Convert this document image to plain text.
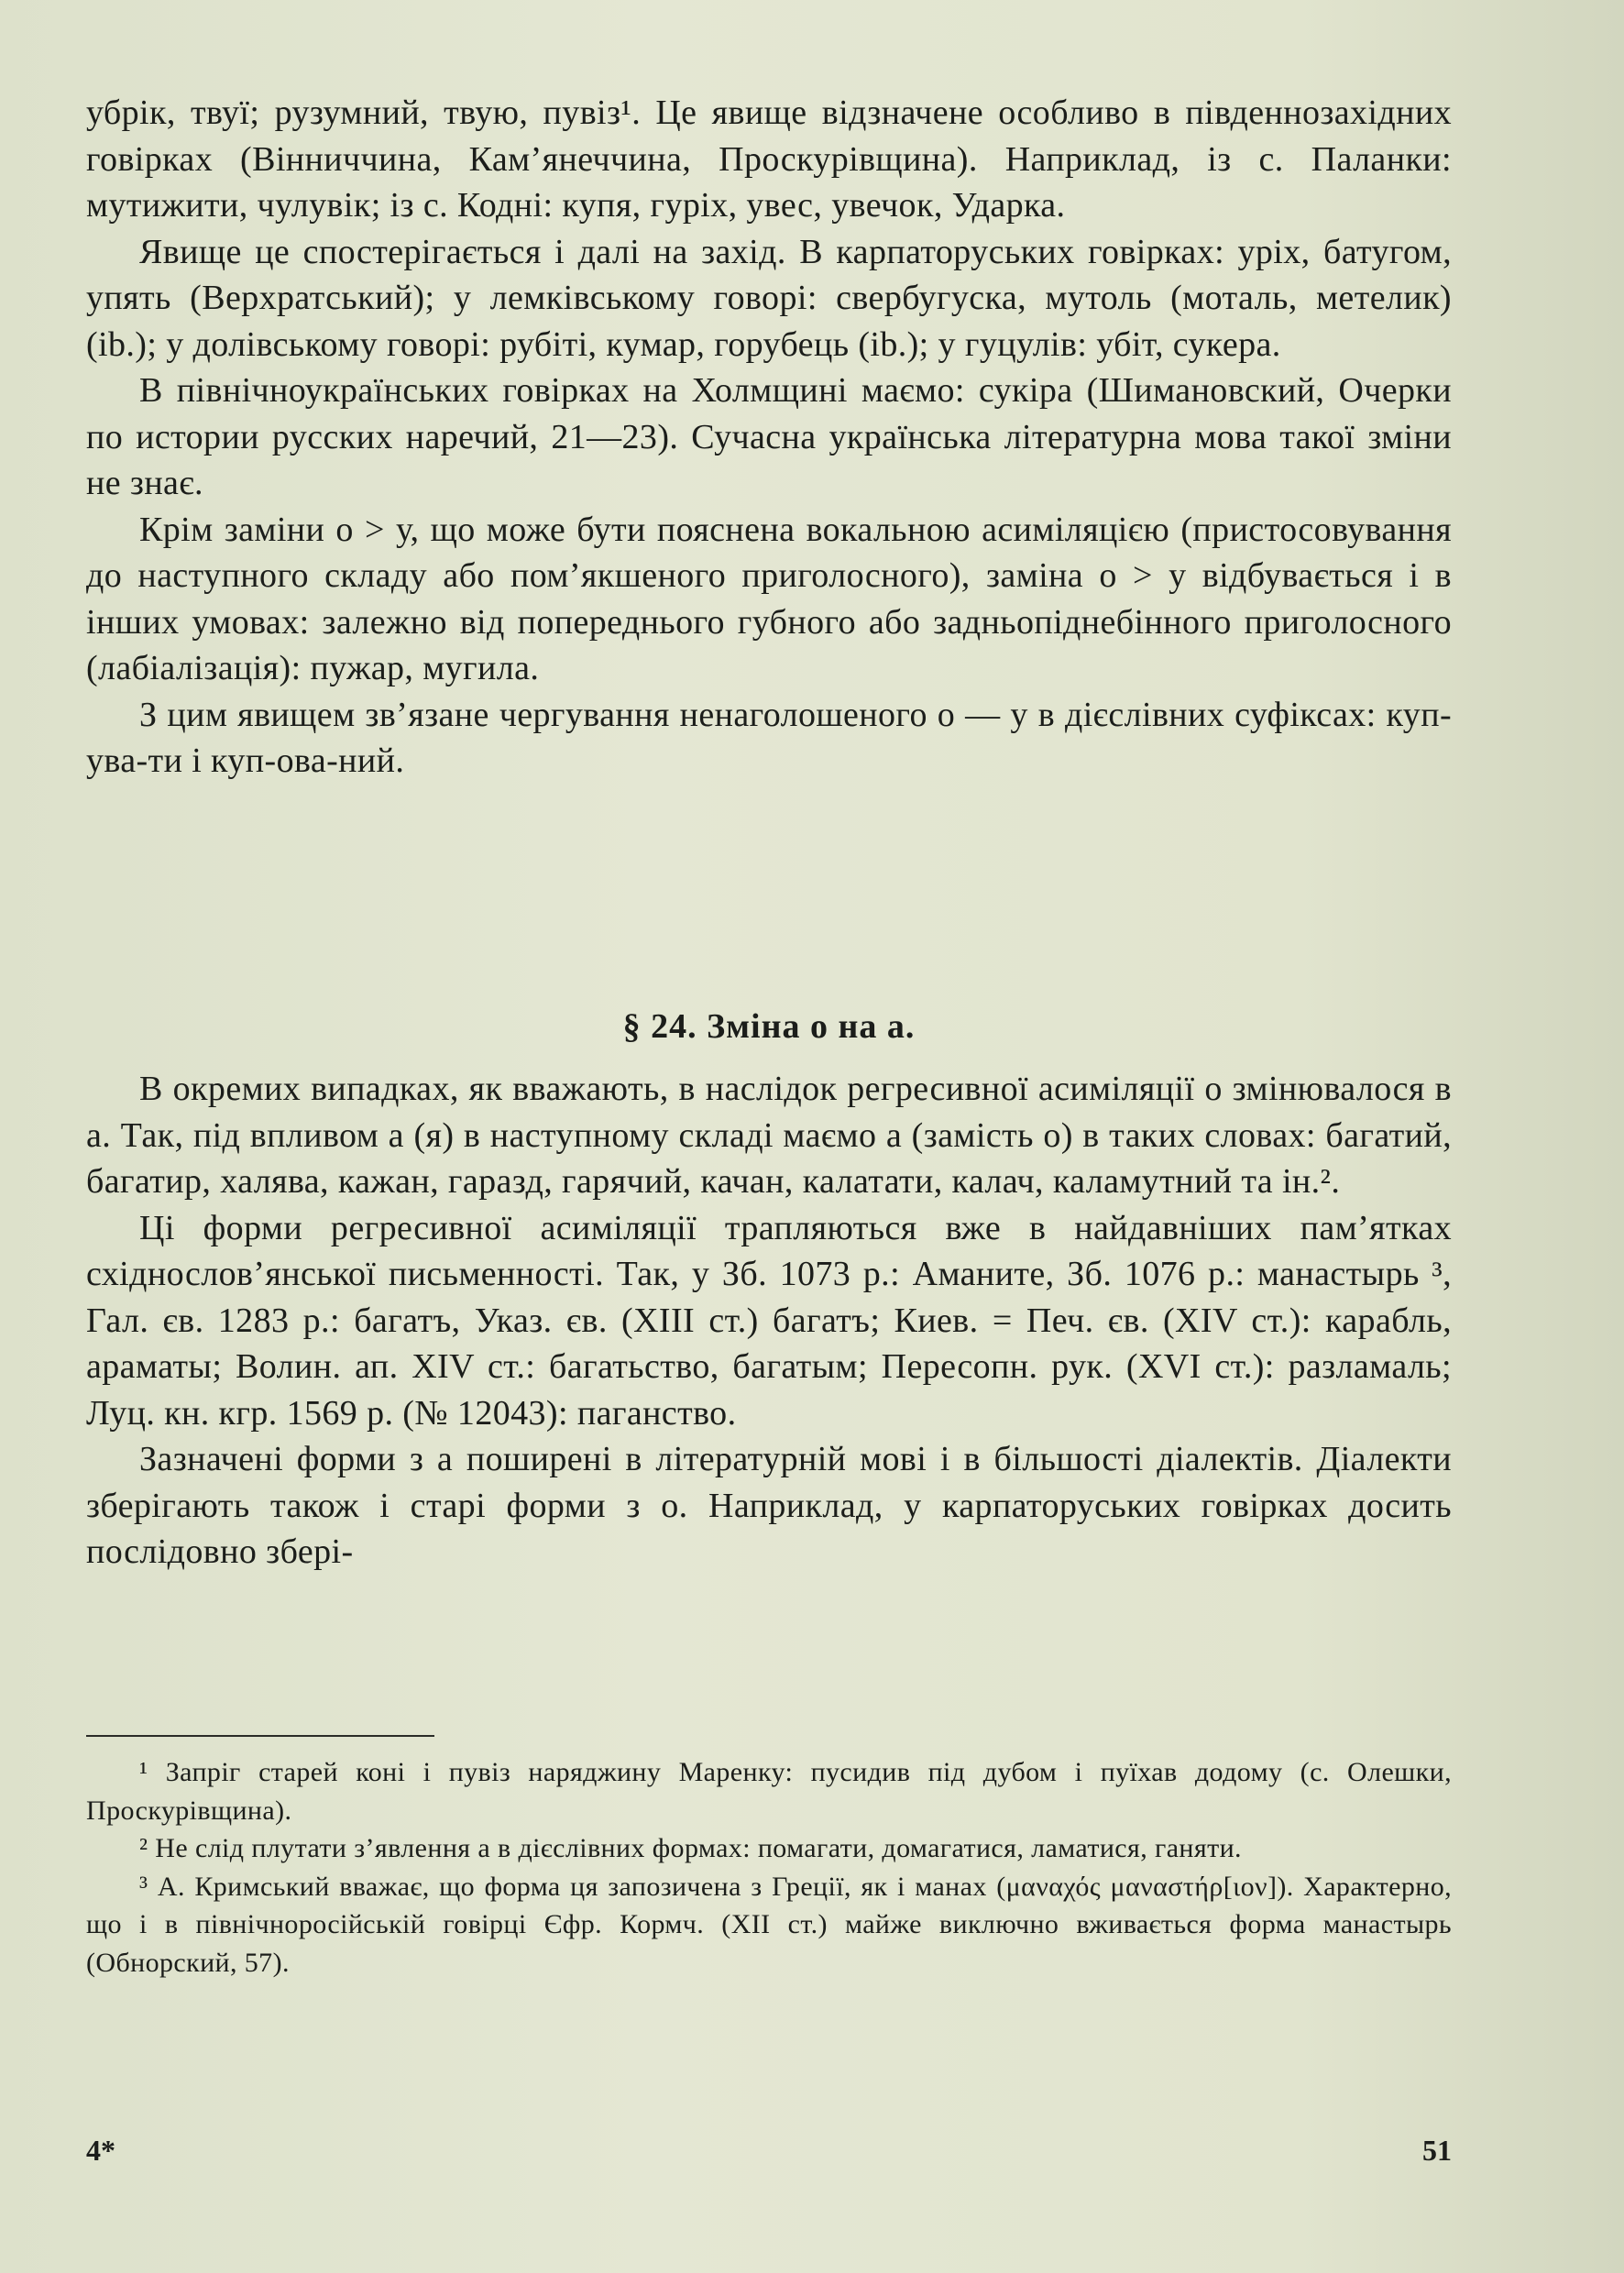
убрік, твуї; рузумний, твую, пувіз¹. Це явище відзначене особливо в південнозахідних говірках (Вінниччина, Кам’янеччина, Проскурівщина). Наприклад, із с. Паланки: мутижити, чулувік; із с. Кодні: купя, гуріх, увес, увечок, Ударка.

Явище це спостерігається і далі на захід. В карпаторуських говірках: уріх, батугом, упять (Верхратський); у лемківському говорі: свербугуска, мутоль (моталь, метелик) (ib.); у долівському говорі: рубіті, кумар, горубець (ib.); у гуцулів: убіт, сукера.

В північноукраїнських говірках на Холмщині маємо: сукіра (Шимановский, Очерки по истории русских наречий, 21—23). Сучасна українська літературна мова такої зміни не знає.

Крім заміни о > у, що може бути пояснена вокальною асиміляцією (пристосовування до наступного складу або пом’якшеного приголосного), заміна о > у відбувається і в інших умовах: залежно від попереднього губного або задньопіднебінного приголосного (лабіалізація): пужар, мугила.

З цим явищем зв’язане чергування ненаголошеного о — у в дієслівних суфіксах: куп-ува-ти і куп-ова-ний.

§ 24. Зміна о на а.

В окремих випадках, як вважають, в наслідок регресивної асиміляції о змінювалося в а. Так, під впливом а (я) в наступному складі маємо а (замість о) в таких словах: багатий, багатир, халява, кажан, гаразд, гарячий, качан, калатати, калач, каламутний та ін.².

Ці форми регресивної асиміляції трапляються вже в найдавніших пам’ятках східнослов’янської письменності. Так, у Зб. 1073 р.: Аманите, Зб. 1076 р.: манастырь ³, Гал. єв. 1283 р.: багатъ, Указ. єв. (XIII ст.) багатъ; Киев. = Печ. єв. (XIV ст.): карабль, араматы; Волин. ап. XIV ст.: багатьство, багатым; Пересопн. рук. (XVI ст.): разламаль; Луц. кн. кгр. 1569 р. (№ 12043): паганство.

Зазначені форми з а поширені в літературній мові і в більшості діалектів. Діалекти зберігають також і старі форми з о. Наприклад, у карпаторуських говірках досить послідовно збері-

¹ Запріг старей коні і пувіз наряджину Маренку: пусидив під дубом і пуїхав додому (с. Олешки, Проскурівщина).

² Не слід плутати з’явлення а в дієслівних формах: помагати, домагатися, ламатися, ганяти.

³ А. Кримський вважає, що форма ця запозичена з Греції, як і манах (μαναχός μαναστήρ[ιον]). Характерно, що і в північноросійській говірці Єфр. Кормч. (XII ст.) майже виключно вживається форма манастырь (Обнорский, 57).

4*	51
